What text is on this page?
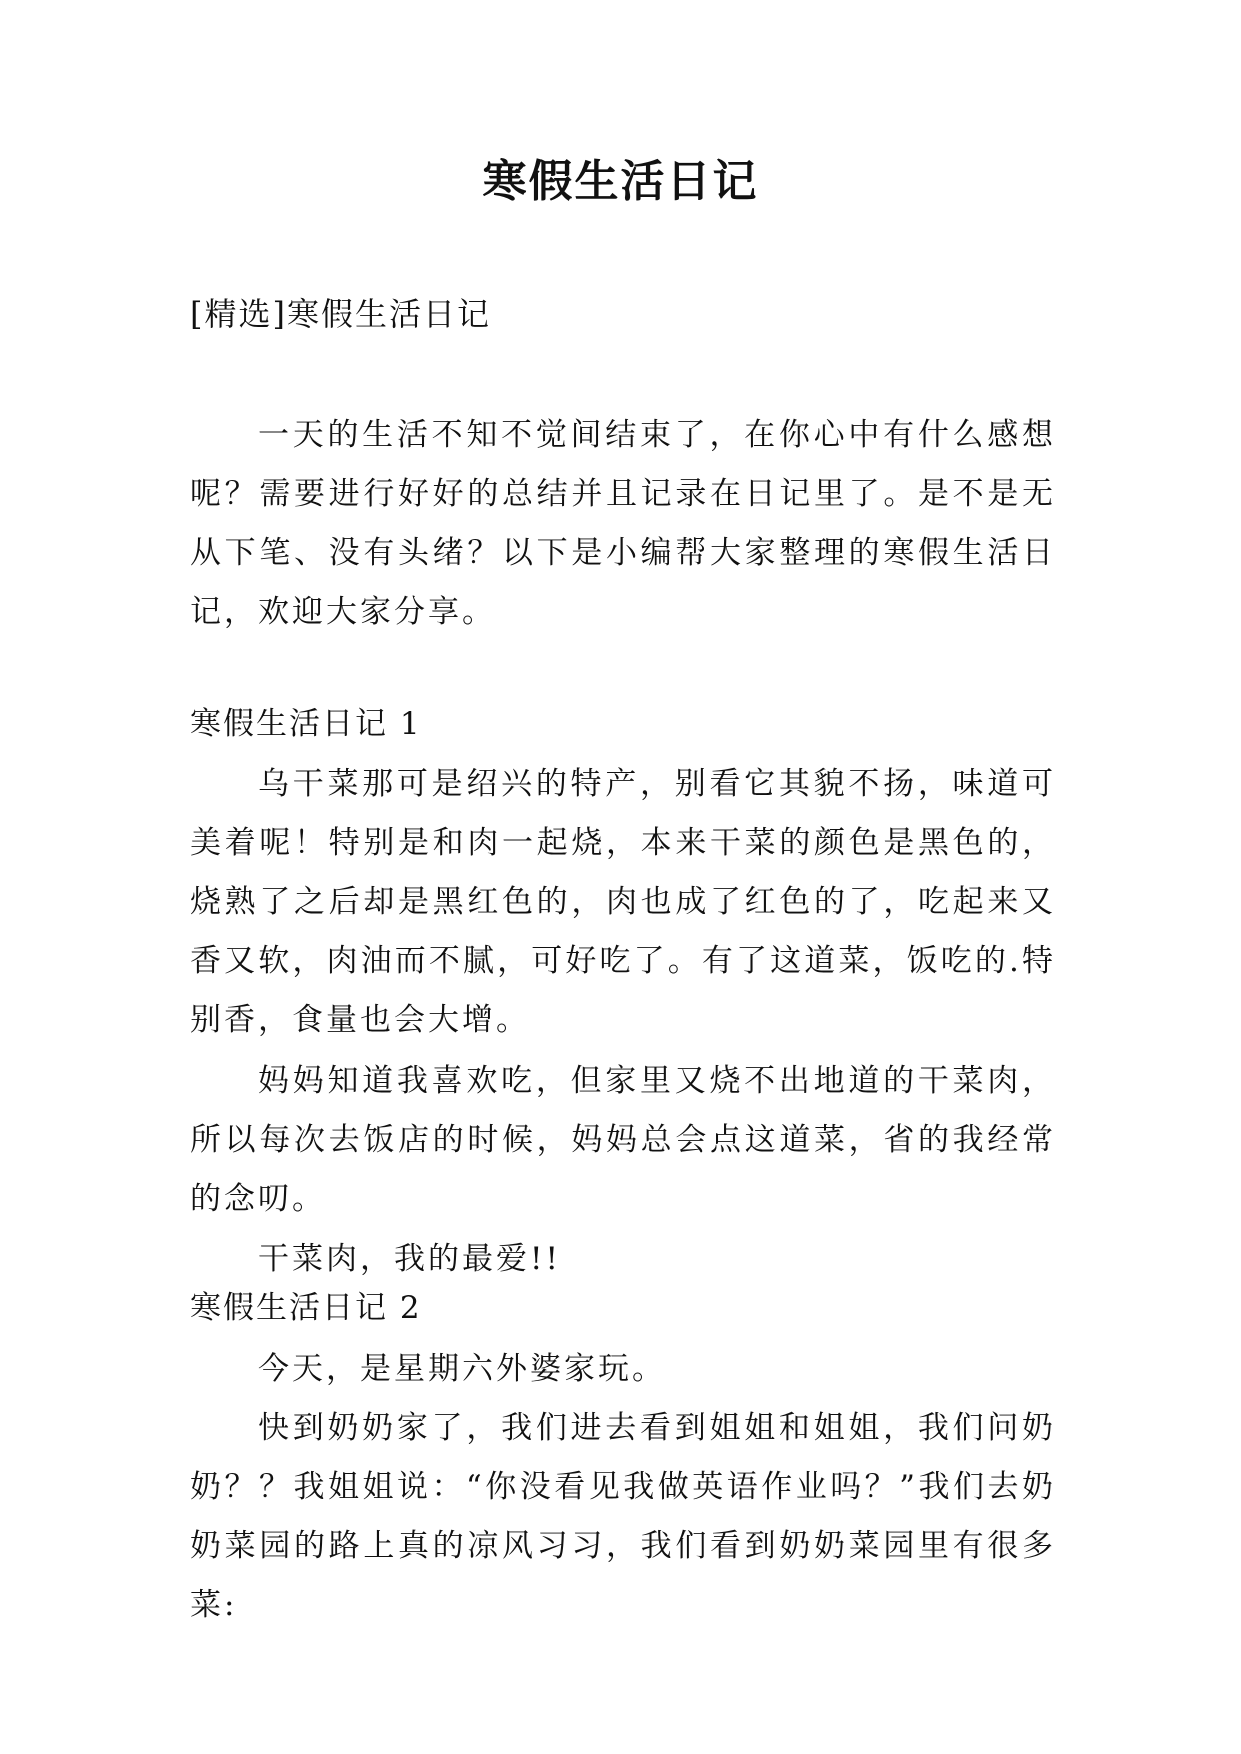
寒假生活日记
[精选]寒假生活日记

一天的生活不知不觉间结束了，在你心中有什么感想呢？需要进行好好的总结并且记录在日记里了。是不是无从下笔、没有头绪？以下是小编帮大家整理的寒假生活日记，欢迎大家分享。

寒假生活日记 1

乌干菜那可是绍兴的特产，别看它其貌不扬，味道可美着呢！特别是和肉一起烧，本来干菜的颜色是黑色的，烧熟了之后却是黑红色的，肉也成了红色的了，吃起来又香又软，肉油而不腻，可好吃了。有了这道菜，饭吃的.特别香，食量也会大增。

妈妈知道我喜欢吃，但家里又烧不出地道的干菜肉，所以每次去饭店的时候，妈妈总会点这道菜，省的我经常的念叨。

干菜肉，我的最爱!!

寒假生活日记 2

今天，是星期六外婆家玩。

快到奶奶家了，我们进去看到姐姐和姐姐，我们问奶奶？？我姐姐说：“你没看见我做英语作业吗？”我们去奶奶菜园的路上真的凉风习习，我们看到奶奶菜园里有很多菜:
